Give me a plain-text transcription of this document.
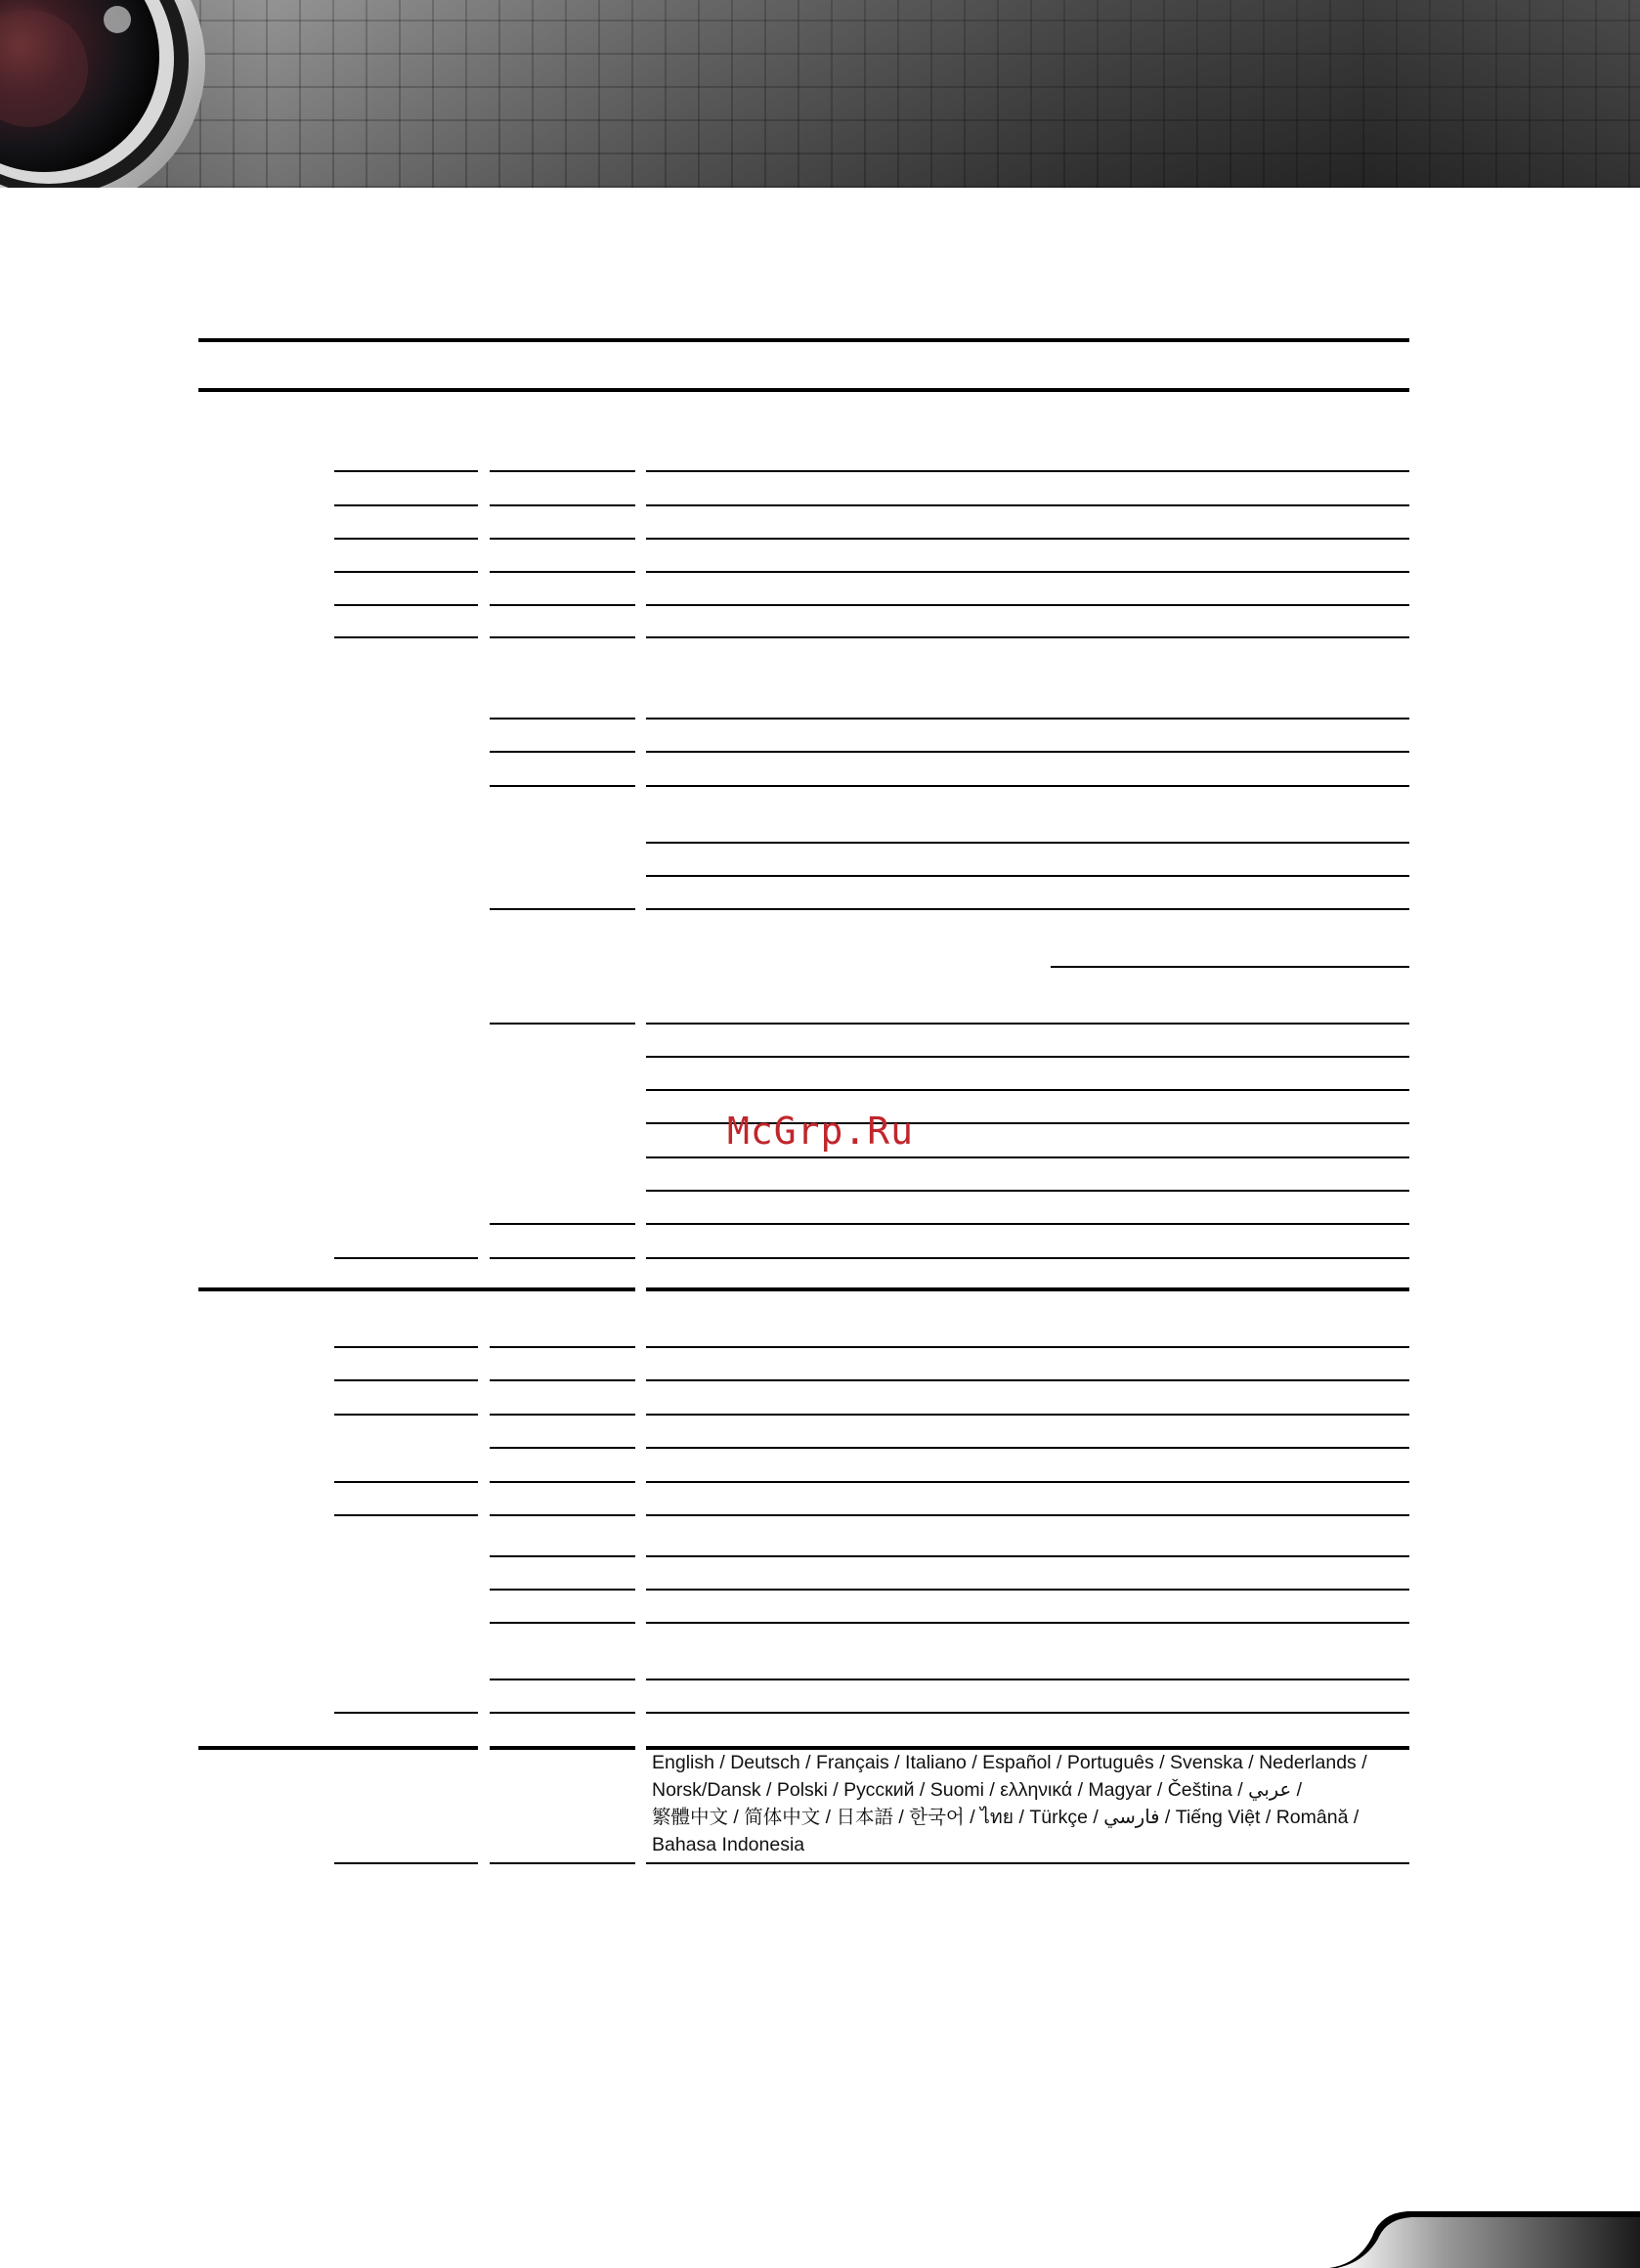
English / Deutsch / Français / Italiano / Español / Português / Svenska / Nederlands /
Norsk/Dansk / Polski / Русский / Suomi / ελληνικά / Magyar / Čeština / عربي /
繁體中文 / 简体中文 / 日本語 / 한국어 / ไทย / Türkçe / فارسي / Tiếng Việt / Română /
Bahasa Indonesia
McGrp.Ru
